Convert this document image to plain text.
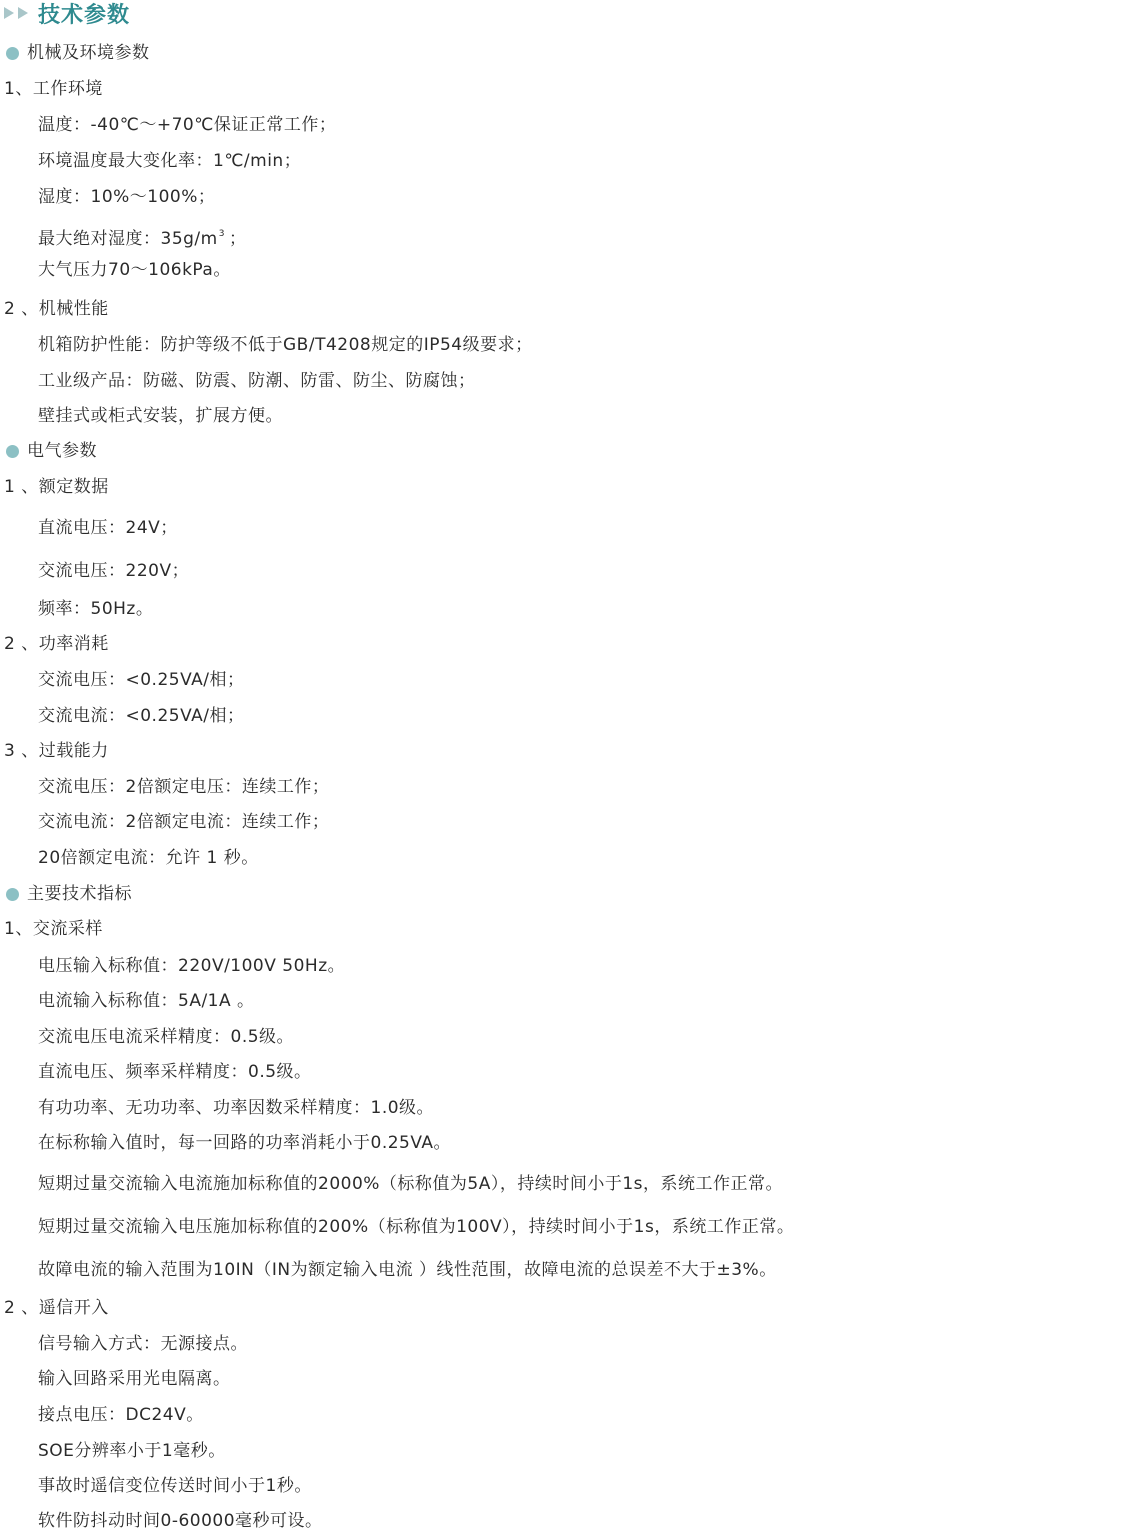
技术参数
机械及环境参数
1、工作环境
温度：-40℃～+70℃保证正常工作；
环境温度最大变化率：1℃/min；
湿度：10%～100%；
最大绝对湿度：$35g/m^3$ ；
大气压力70～106kPa。
2 、机械性能
机箱防护性能：防护等级不低于GB/T4208规定的IP54级要求；
工业级产品：防磁、防震、防潮、防雷、防尘、防腐蚀；
壁挂式或柜式安装，扩展方便。
电气参数
1 、额定数据
直流电压：24V；
交流电压：220V；
频率：50Hz。
2 、功率消耗
交流电压：<0.25VA/相；
交流电流：<0.25VA/相；
3 、过载能力
交流电压：2倍额定电压：连续工作；
交流电流：2倍额定电流：连续工作；
20倍额定电流：允许 1 秒。
主要技术指标
1、交流采样
电压输入标称值：220V/100V 50Hz。
电流输入标称值：5A/1A 。
交流电压电流采样精度：0.5级。
直流电压、频率采样精度：0.5级。
有功功率、无功功率、功率因数采样精度：1.0级。
在标称输入值时，每一回路的功率消耗小于0.25VA。
短期过量交流输入电流施加标称值的2000%（标称值为5A），持续时间小于1s，系统工作正常。
短期过量交流输入电压施加标称值的200%（标称值为100V），持续时间小于1s，系统工作正常。
故障电流的输入范围为10IN（IN为额定输入电流 ）线性范围，故障电流的总误差不大于±3%。
2 、遥信开入
信号输入方式：无源接点。
输入回路采用光电隔离。
接点电压：DC24V。
SOE分辨率小于1毫秒。
事故时遥信变位传送时间小于1秒。
软件防抖动时间0-60000毫秒可设。
